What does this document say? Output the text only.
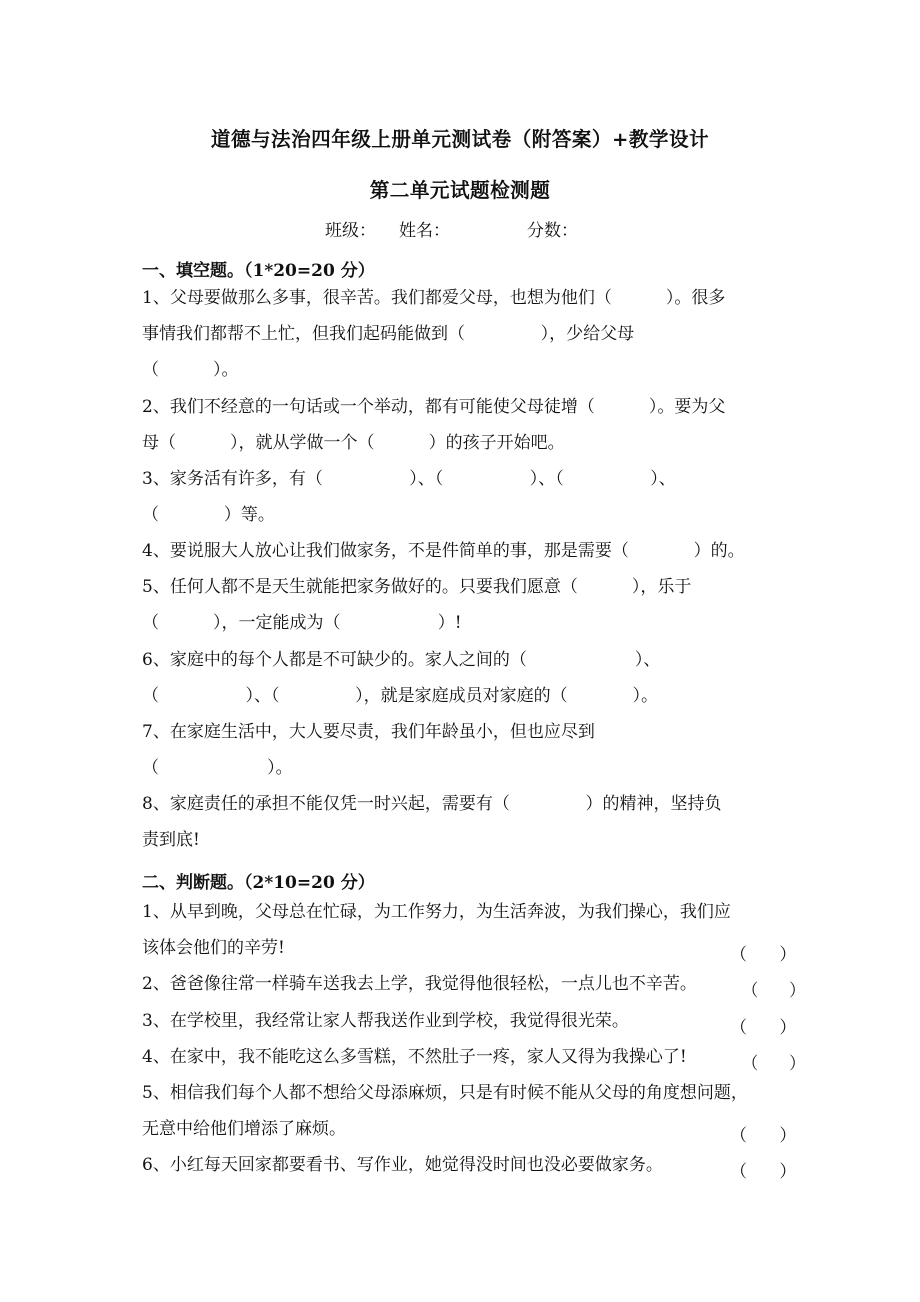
道德与法治四年级上册单元测试卷（附答案）+教学设计
第二单元试题检测题
班级： 姓名：	分数：
一、填空题。（1*20=20 分）
1、父母要做那么多事，很辛苦。我们都爱父母，也想为他们（          ）。很多
事情我们都帮不上忙，但我们起码能做到（              ），少给父母
（          ）。
2、我们不经意的一句话或一个举动，都有可能使父母徒增（          ）。要为父
母（          ），就从学做一个（          ）的孩子开始吧。
3、家务活有许多，有（                ）、（                ）、（                ）、
（            ）等。
4、要说服大人放心让我们做家务，不是件简单的事，那是需要（            ）的。
5、任何人都不是天生就能把家务做好的。只要我们愿意（          ），乐于
（          ），一定能成为（                  ）!
6、家庭中的每个人都是不可缺少的。家人之间的（                    ）、
（                ）、（              ），就是家庭成员对家庭的（            ）。
7、在家庭生活中，大人要尽责，我们年龄虽小，但也应尽到
（                    ）。
8、家庭责任的承担不能仅凭一时兴起，需要有（              ）的精神，坚持负
责到底!
二、判断题。（2*10=20 分）
1、从早到晚，父母总在忙碌，为工作努力，为生活奔波，为我们操心，我们应
该体会他们的辛劳!	（      ）
2、爸爸像往常一样骑车送我去上学，我觉得他很轻松，一点儿也不辛苦。	（      ）
3、在学校里，我经常让家人帮我送作业到学校，我觉得很光荣。	（      ）
4、在家中，我不能吃这么多雪糕，不然肚子一疼，家人又得为我操心了!	（      ）
5、相信我们每个人都不想给父母添麻烦，只是有时候不能从父母的角度想问题，
无意中给他们增添了麻烦。	（      ）
6、小红每天回家都要看书、写作业，她觉得没时间也没必要做家务。	（      ）
